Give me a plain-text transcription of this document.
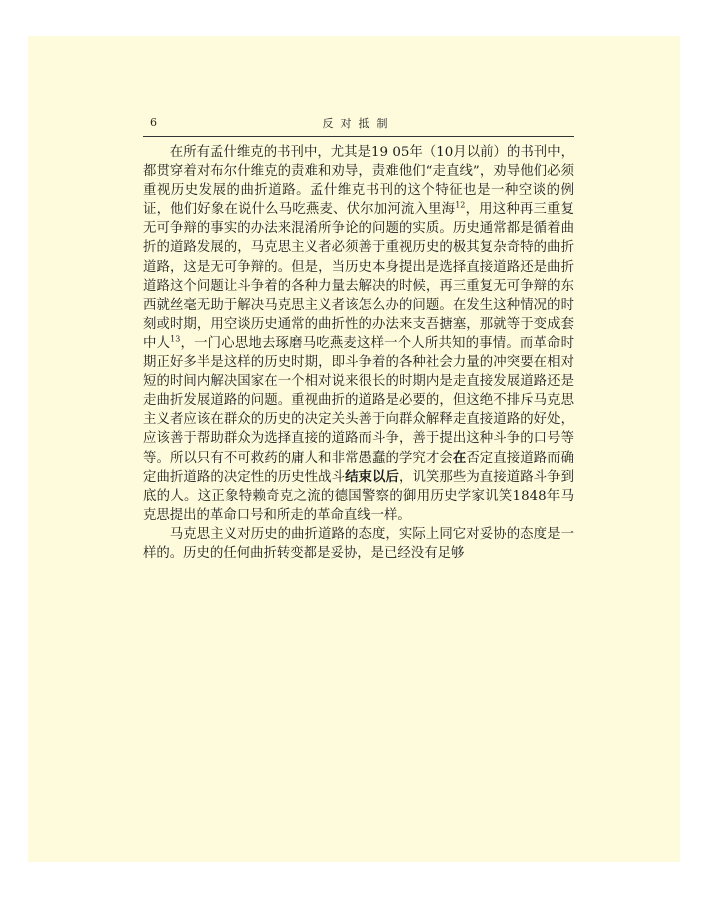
6	反对抵制

在所有孟什维克的书刊中，尤其是19 05年（10月以前）的书刊中，都贯穿着对布尔什维克的责难和劝导，责难他们“走直线”，劝导他们必须重视历史发展的曲折道路。孟什维克书刊的这个特征也是一种空谈的例证，他们好象在说什么马吃燕麦、伏尔加河流入里海$^{12}$，用这种再三重复无可争辩的事实的办法来混淆所争论的问题的实质。历史通常都是循着曲折的道路发展的，马克思主义者必须善于重视历史的极其复杂奇特的曲折道路，这是无可争辩的。但是，当历史本身提出是选择直接道路还是曲折道路这个问题让斗争着的各种力量去解决的时候，再三重复无可争辩的东西就丝毫无助于解决马克思主义者该怎么办的问题。在发生这种情况的时刻或时期，用空谈历史通常的曲折性的办法来支吾搪塞，那就等于变成套中人$^{13}$，一门心思地去琢磨马吃燕麦这样一个人所共知的事情。而革命时期正好多半是这样的历史时期，即斗争着的各种社会力量的冲突要在相对短的时间内解决国家在一个相对说来很长的时期内是走直接发展道路还是走曲折发展道路的问题。重视曲折的道路是必要的，但这绝不排斥马克思主义者应该在群众的历史的决定关头善于向群众解释走直接道路的好处，应该善于帮助群众为选择直接的道路而斗争，善于提出这种斗争的口号等等。所以只有不可救药的庸人和非常愚蠢的学究才会在否定直接道路而确定曲折道路的决定性的历史性战斗结束以后，讥笑那些为直接道路斗争到底的人。这正象特赖奇克之流的德国警察的御用历史学家讥笑1848年马克思提出的革命口号和所走的革命直线一样。

马克思主义对历史的曲折道路的态度，实际上同它对妥协的态度是一样的。历史的任何曲折转变都是妥协，是已经没有足够
